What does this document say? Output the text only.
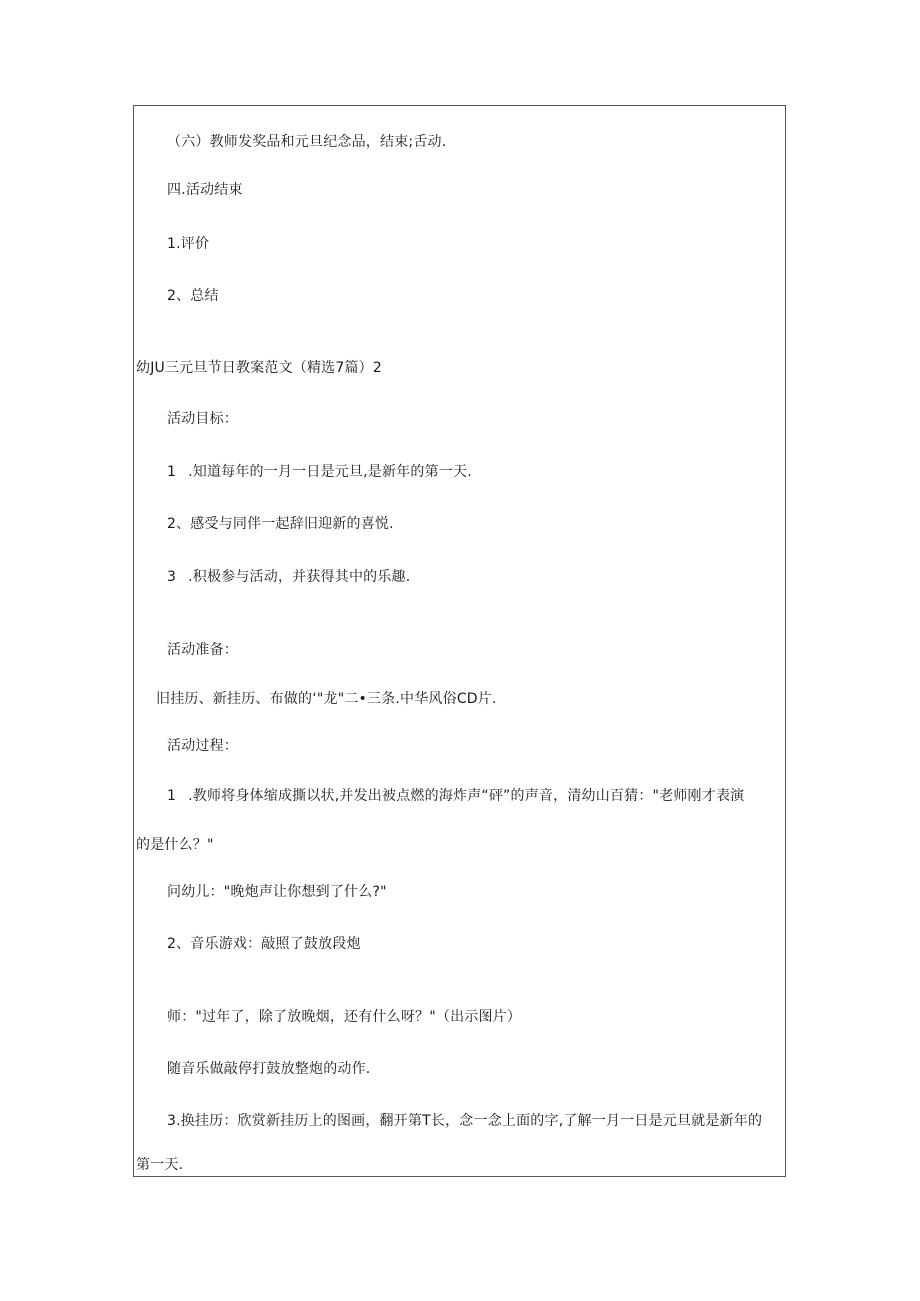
（六）教师发奖品和元旦纪念品，结束;舌动.
四.活动结束
1.评价
2、总结
幼JU三元旦节日教案范文（精选7篇）2
活动目标：
1 .知道每年的一月一日是元旦,是新年的第一天.
2、感受与同伴一起辞旧迎新的喜悦.
3 .积极参与活动，并获得其中的乐趣.
活动准备：
旧挂历、新挂历、布做的‘"龙"二•三条.中华风俗CD片.
活动过程：
1 .教师将身体缩成撕以状,并发出被点燃的海炸声“砰”的声音，清幼山百猜："老师刚才表演
的是什么？"
问幼儿："晚炮声让你想到了什么?"
2、音乐游戏：敲照了鼓放段炮
师："过年了，除了放晚烟，还有什么呀？"（出示图片）
随音乐做敲停打鼓放整炮的动作.
3.换挂历：欣赏新挂历上的图画，翻开第T长，念一念上面的字,了解一月一日是元旦就是新年的
第一天.
